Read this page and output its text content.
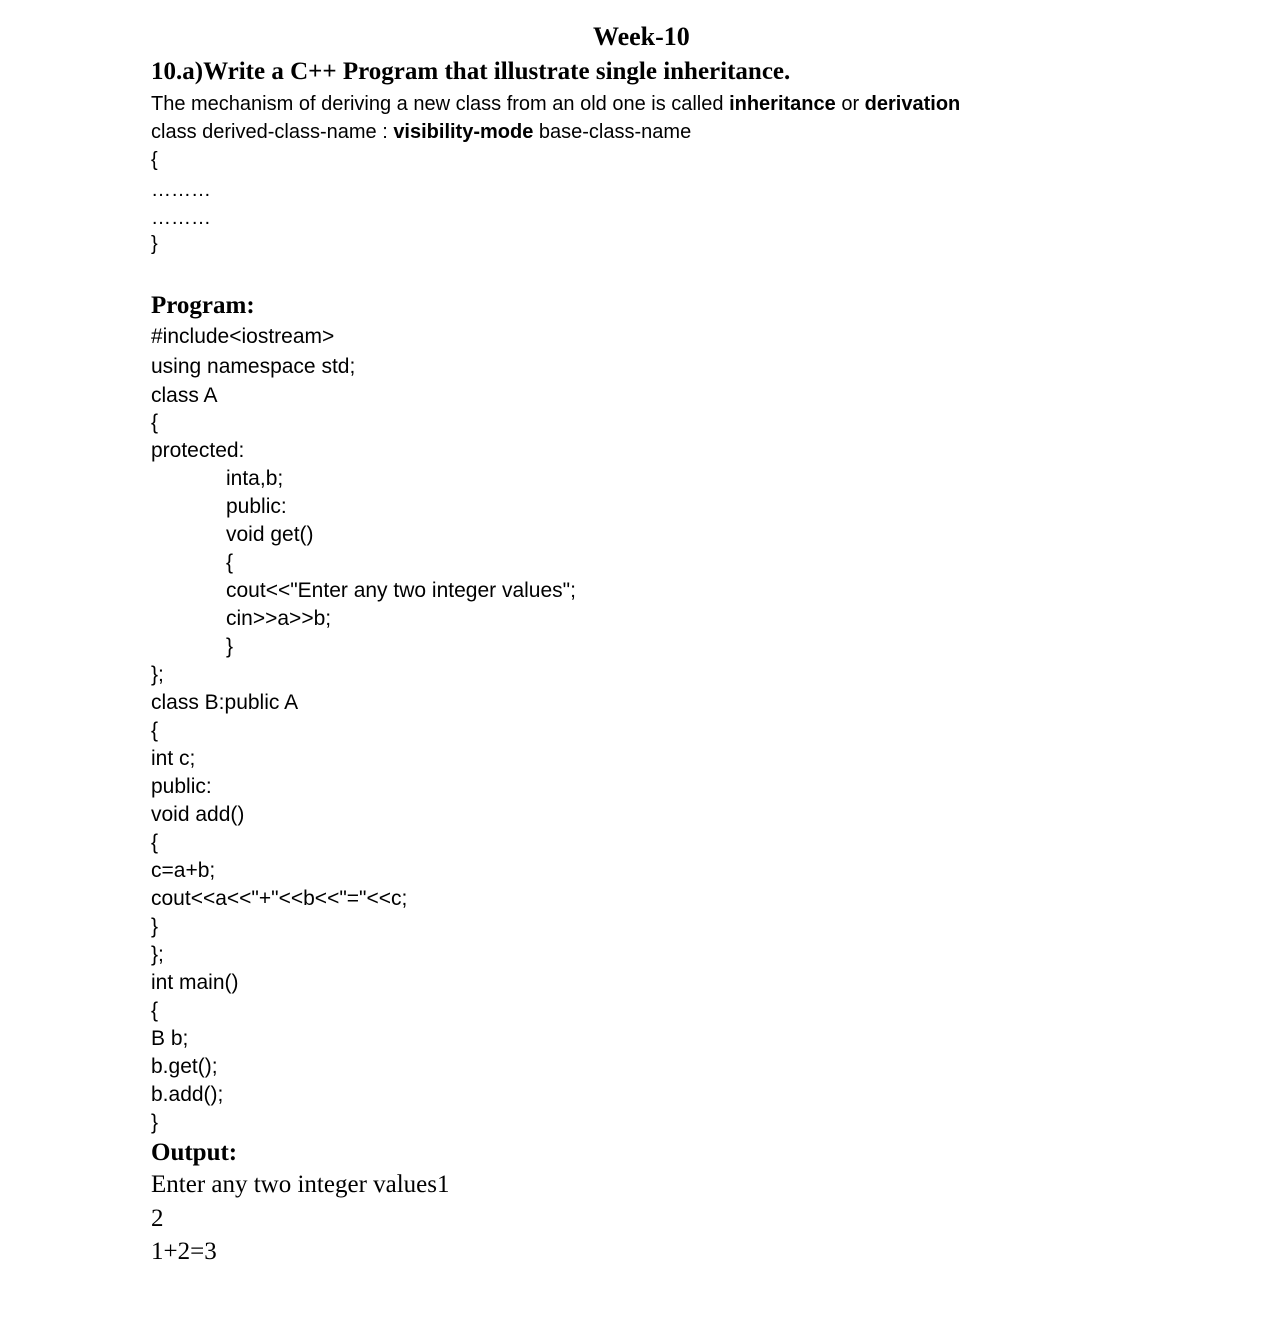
Week-10
10.a)Write a C++ Program that illustrate single inheritance.
The mechanism of deriving a new class from an old one is called inheritance or derivation
class derived-class-name : visibility-mode base-class-name
{
………
………
}
Program:
#include<iostream>
using namespace std;
class A
{
protected:
inta,b;
public:
void get()
{
cout<<"Enter any two integer values";
cin>>a>>b;
}
};
class B:public A
{
int c;
public:
void add()
{
c=a+b;
cout<<a<<"+"<<b<<"="<<c;
}
};
int main()
{
B b;
b.get();
b.add();
}
Output:
Enter any two integer values1
2
1+2=3
